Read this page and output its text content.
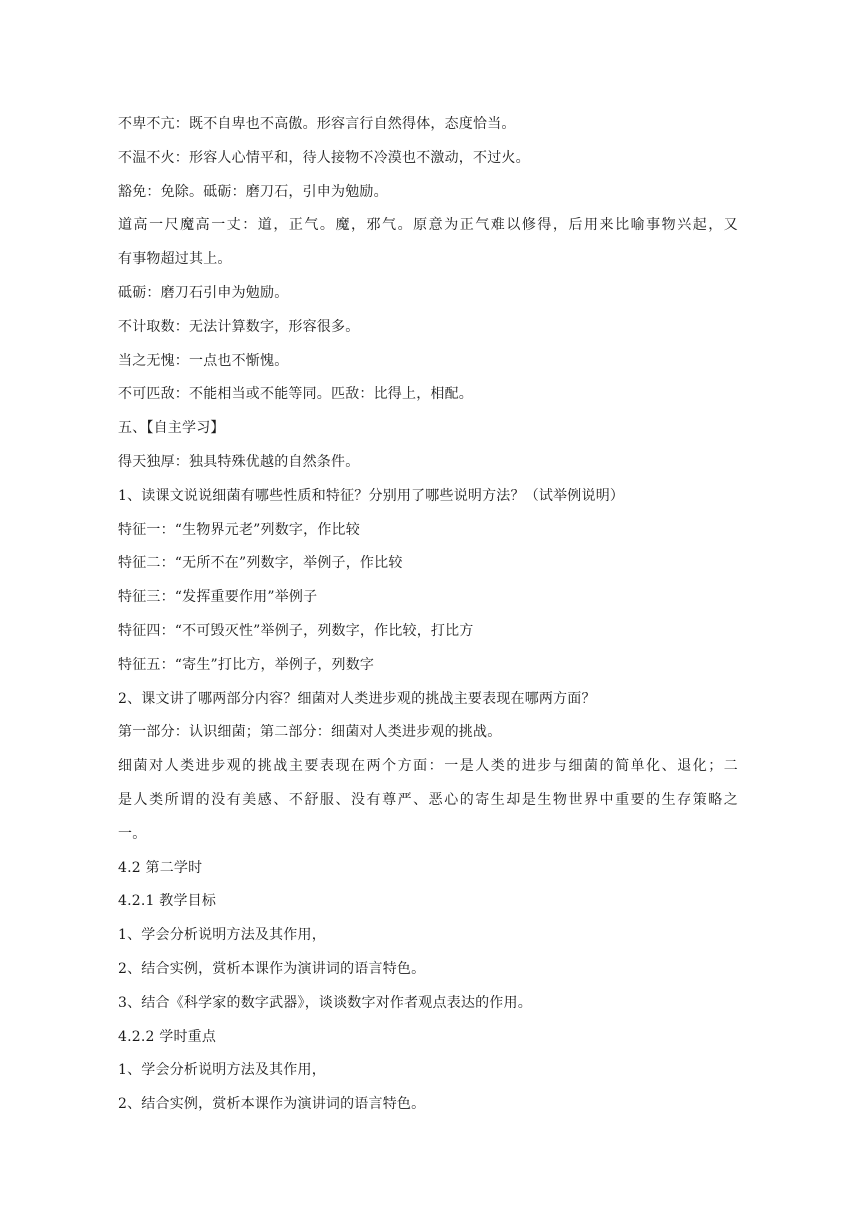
不卑不亢：既不自卑也不高傲。形容言行自然得体，态度恰当。
不温不火：形容人心情平和，待人接物不冷漠也不激动，不过火。
豁免：免除。砥砺：磨刀石，引申为勉励。
道高一尺魔高一丈：道，正气。魔，邪气。原意为正气难以修得，后用来比喻事物兴起，又
有事物超过其上。
砥砺：磨刀石引申为勉励。
不计取数：无法计算数字，形容很多。
当之无愧：一点也不惭愧。
不可匹敌：不能相当或不能等同。匹敌：比得上，相配。
五、【自主学习】
得天独厚：独具特殊优越的自然条件。
1、读课文说说细菌有哪些性质和特征？分别用了哪些说明方法？（试举例说明）
特征一：“生物界元老”列数字，作比较
特征二：“无所不在”列数字，举例子，作比较
特征三：“发挥重要作用”举例子
特征四：“不可毁灭性”举例子，列数字，作比较，打比方
特征五：“寄生”打比方，举例子，列数字
2、课文讲了哪两部分内容？细菌对人类进步观的挑战主要表现在哪两方面？
第一部分：认识细菌；第二部分：细菌对人类进步观的挑战。
细菌对人类进步观的挑战主要表现在两个方面：一是人类的进步与细菌的简单化、退化；二
是人类所谓的没有美感、不舒服、没有尊严、恶心的寄生却是生物世界中重要的生存策略之
一。
4.2 第二学时
4.2.1 教学目标
1、学会分析说明方法及其作用，
2、结合实例，赏析本课作为演讲词的语言特色。
3、结合《科学家的数字武器》，谈谈数字对作者观点表达的作用。
4.2.2 学时重点
1、学会分析说明方法及其作用，
2、结合实例，赏析本课作为演讲词的语言特色。
